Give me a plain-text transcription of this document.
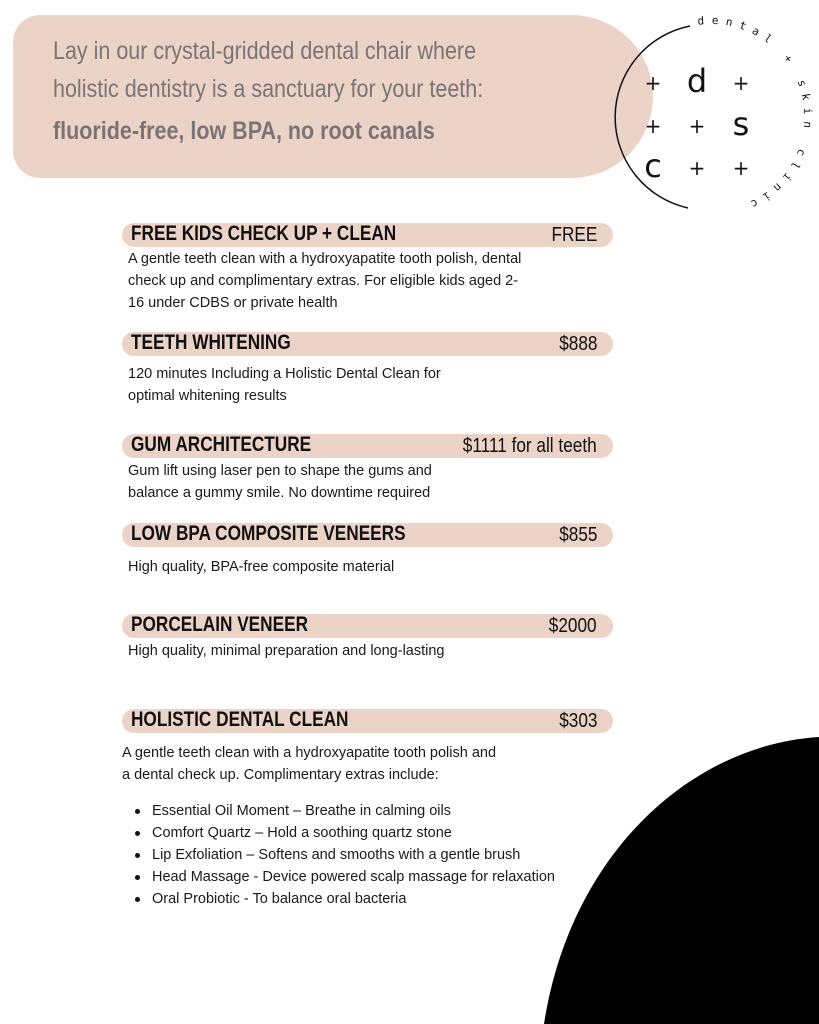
Lay in our crystal-gridded dental chair where

holistic dentistry is a sanctuary for your teeth:

fluoride-free, low BPA, no root canals

dental + skin clinic
+ d +
+ + s
c + +
FREE KIDS CHECK UP + CLEAN	FREE

A gentle teeth clean with a hydroxyapatite tooth polish, dental check up and complimentary extras. For eligible kids aged 2-16 under CDBS or private health

TEETH WHITENING	$888

120 minutes Including a Holistic Dental Clean for optimal whitening results

GUM ARCHITECTURE	$1111 for all teeth

Gum lift using laser pen to shape the gums and balance a gummy smile. No downtime required

LOW BPA COMPOSITE VENEERS	$855

High quality, BPA-free composite material

PORCELAIN VENEER	$2000

High quality, minimal preparation and long-lasting

HOLISTIC DENTAL CLEAN	$303

A gentle teeth clean with a hydroxyapatite tooth polish and a dental check up. Complimentary extras include:

Essential Oil Moment – Breathe in calming oils
Comfort Quartz – Hold a soothing quartz stone
Lip Exfoliation – Softens and smooths with a gentle brush
Head Massage - Device powered scalp massage for relaxation
Oral Probiotic - To balance oral bacteria
